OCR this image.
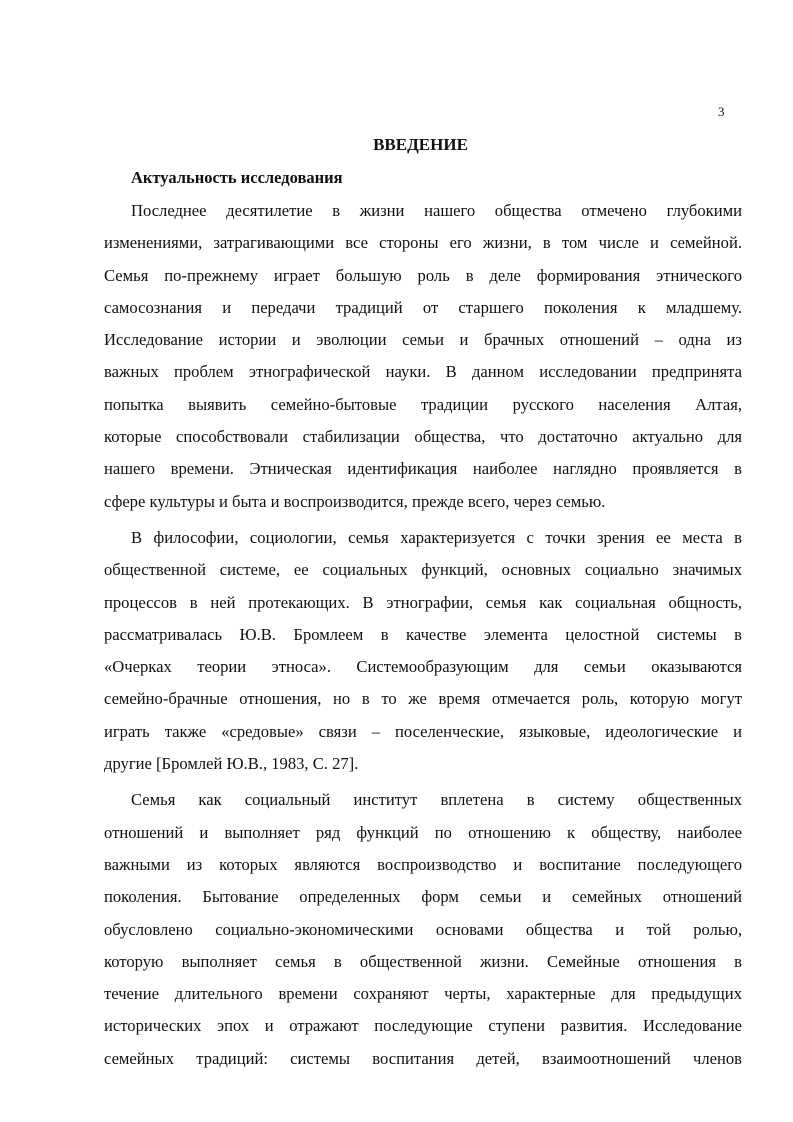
3
ВВЕДЕНИЕ
Актуальность исследования
Последнее десятилетие в жизни нашего общества отмечено глубокими
изменениями, затрагивающими все стороны его жизни, в том числе и семейной.
Семья по-прежнему играет большую роль в деле формирования этнического
самосознания и передачи традиций от старшего поколения к младшему.
Исследование истории и эволюции семьи и брачных отношений – одна из
важных проблем этнографической науки. В данном исследовании предпринята
попытка выявить семейно-бытовые традиции русского населения Алтая,
которые способствовали стабилизации общества, что достаточно актуально для
нашего времени. Этническая идентификация наиболее наглядно проявляется в
сфере культуры и быта и воспроизводится, прежде всего, через семью.
В философии, социологии, семья характеризуется с точки зрения ее места в
общественной системе, ее социальных функций, основных социально значимых
процессов в ней протекающих. В этнографии, семья как социальная общность,
рассматривалась Ю.В. Бромлеем в качестве элемента целостной системы в
«Очерках теории этноса». Системообразующим для семьи оказываются
семейно-брачные отношения, но в то же время отмечается роль, которую могут
играть также «средовые» связи – поселенческие, языковые, идеологические и
другие [Бромлей Ю.В., 1983, С. 27].
Семья как социальный институт вплетена в систему общественных
отношений и выполняет ряд функций по отношению к обществу, наиболее
важными из которых являются воспроизводство и воспитание последующего
поколения. Бытование определенных форм семьи и семейных отношений
обусловлено социально-экономическими основами общества и той ролью,
которую выполняет семья в общественной жизни. Семейные отношения в
течение длительного времени сохраняют черты, характерные для предыдущих
исторических эпох и отражают последующие ступени развития. Исследование
семейных традиций: системы воспитания детей, взаимоотношений членов
